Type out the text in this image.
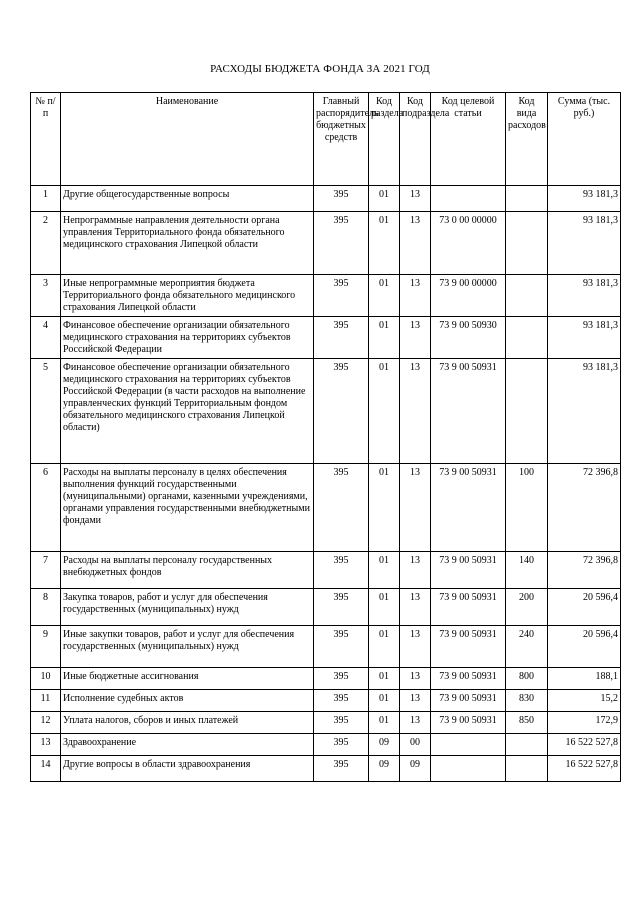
РАСХОДЫ БЮДЖЕТА ФОНДА ЗА 2021 ГОД
№ п/п	Наименование	Главный распорядитель бюджетных средств	Код раздела	Код подраздела	Код целевой статьи	Код вида расходов	Сумма (тыс. руб.)
1	Другие общегосударственные вопросы	395	01	13			93 181,3
2	Непрограммные направления деятельности органа управления Территориального фонда обязательного медицинского страхования Липецкой области	395	01	13	73 0 00 00000		93 181,3
3	Иные непрограммные мероприятия бюджета Территориального фонда обязательного медицинского страхования Липецкой области	395	01	13	73 9 00 00000		93 181,3
4	Финансовое обеспечение организации обязательного медицинского страхования на территориях субъектов Российской Федерации	395	01	13	73 9 00 50930		93 181,3
5	Финансовое обеспечение организации обязательного медицинского страхования на территориях субъектов Российской Федерации (в части расходов на выполнение управленческих функций Территориальным фондом обязательного медицинского страхования Липецкой области)	395	01	13	73 9 00 50931		93 181,3
6	Расходы на выплаты персоналу в целях обеспечения выполнения функций государственными (муниципальными) органами, казенными учреждениями, органами управления государственными внебюджетными фондами	395	01	13	73 9 00 50931	100	72 396,8
7	Расходы на выплаты персоналу государственных внебюджетных фондов	395	01	13	73 9 00 50931	140	72 396,8
8	Закупка товаров, работ и услуг для обеспечения государственных (муниципальных) нужд	395	01	13	73 9 00 50931	200	20 596,4
9	Иные закупки товаров, работ и услуг для обеспечения государственных (муниципальных) нужд	395	01	13	73 9 00 50931	240	20 596,4
10	Иные бюджетные ассигнования	395	01	13	73 9 00 50931	800	188,1
11	Исполнение судебных актов	395	01	13	73 9 00 50931	830	15,2
12	Уплата налогов, сборов и иных платежей	395	01	13	73 9 00 50931	850	172,9
13	Здравоохранение	395	09	00			16 522 527,8
14	Другие вопросы в области здравоохранения	395	09	09			16 522 527,8
